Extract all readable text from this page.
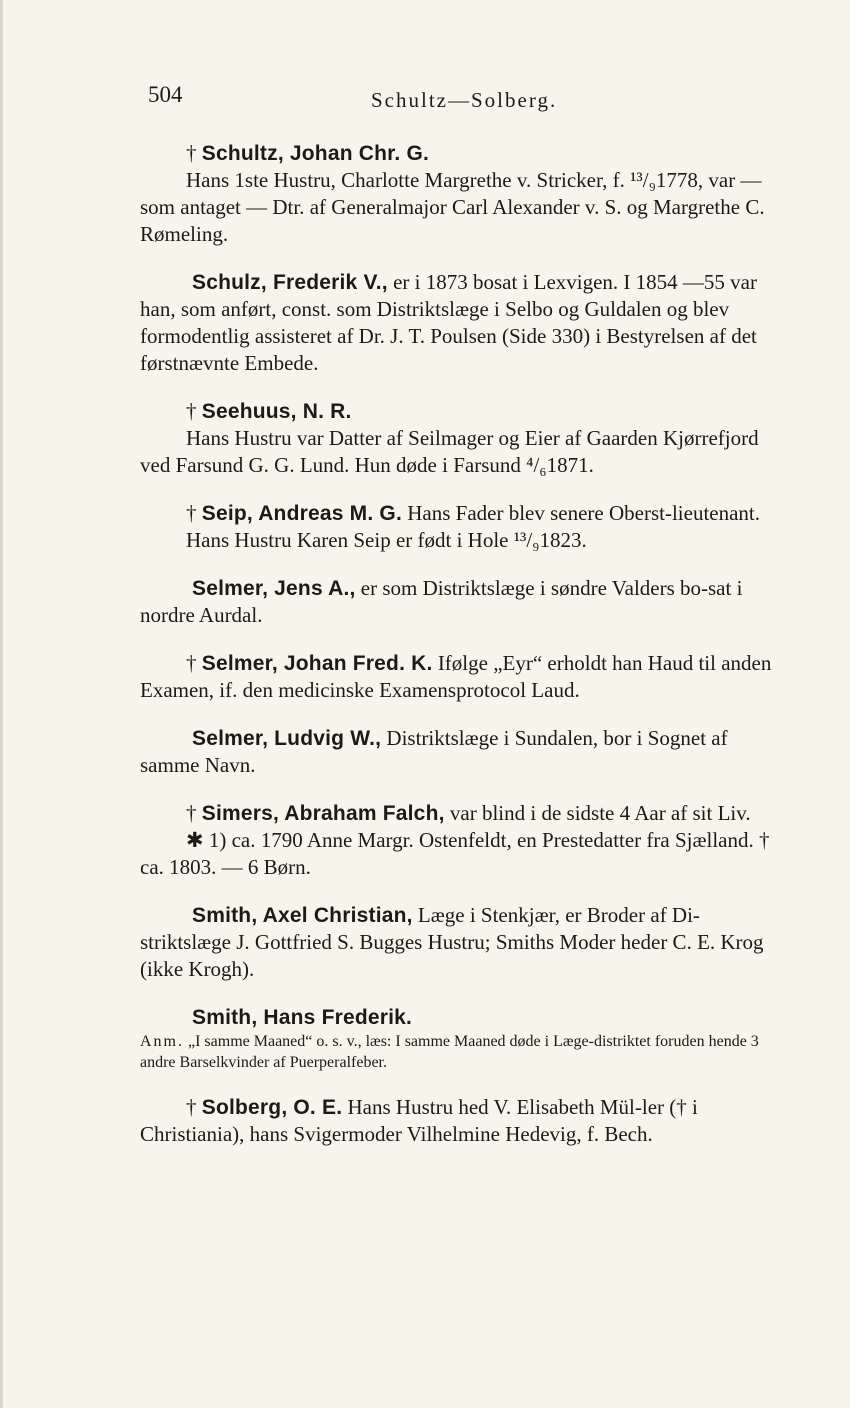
504	Schultz—Solberg.

† Schultz, Johan Chr. G.

Hans 1ste Hustru, Charlotte Margrethe v. Stricker, f. ¹³/₉1778, var — som antaget — Dtr. af Generalmajor Carl Alexander v. S. og Margrethe C. Rømeling.

Schulz, Frederik V., er i 1873 bosat i Lexvigen. I 1854 —55 var han, som anført, const. som Distriktslæge i Selbo og Guldalen og blev formodentlig assisteret af Dr. J. T. Poulsen (Side 330) i Bestyrelsen af det førstnævnte Embede.

† Seehuus, N. R.

Hans Hustru var Datter af Seilmager og Eier af Gaarden Kjørrefjord ved Farsund G. G. Lund. Hun døde i Farsund ⁴/₆1871.

† Seip, Andreas M. G. Hans Fader blev senere Oberst-lieutenant.

Hans Hustru Karen Seip er født i Hole ¹³/₉1823.

Selmer, Jens A., er som Distriktslæge i søndre Valders bo-sat i nordre Aurdal.

† Selmer, Johan Fred. K. Ifølge „Eyr“ erholdt han Haud til anden Examen, if. den medicinske Examensprotocol Laud.

Selmer, Ludvig W., Distriktslæge i Sundalen, bor i Sognet af samme Navn.

† Simers, Abraham Falch, var blind i de sidste 4 Aar af sit Liv.

✱ 1) ca. 1790 Anne Margr. Ostenfeldt, en Prestedatter fra Sjælland. † ca. 1803. — 6 Børn.

Smith, Axel Christian, Læge i Stenkjær, er Broder af Di-striktslæge J. Gottfried S. Bugges Hustru; Smiths Moder heder C. E. Krog (ikke Krogh).

Smith, Hans Frederik.

Anm. „I samme Maaned“ o. s. v., læs: I samme Maaned døde i Læge-distriktet foruden hende 3 andre Barselkvinder af Puerperalfeber.

† Solberg, O. E. Hans Hustru hed V. Elisabeth Mül-ler († i Christiania), hans Svigermoder Vilhelmine Hedevig, f. Bech.
